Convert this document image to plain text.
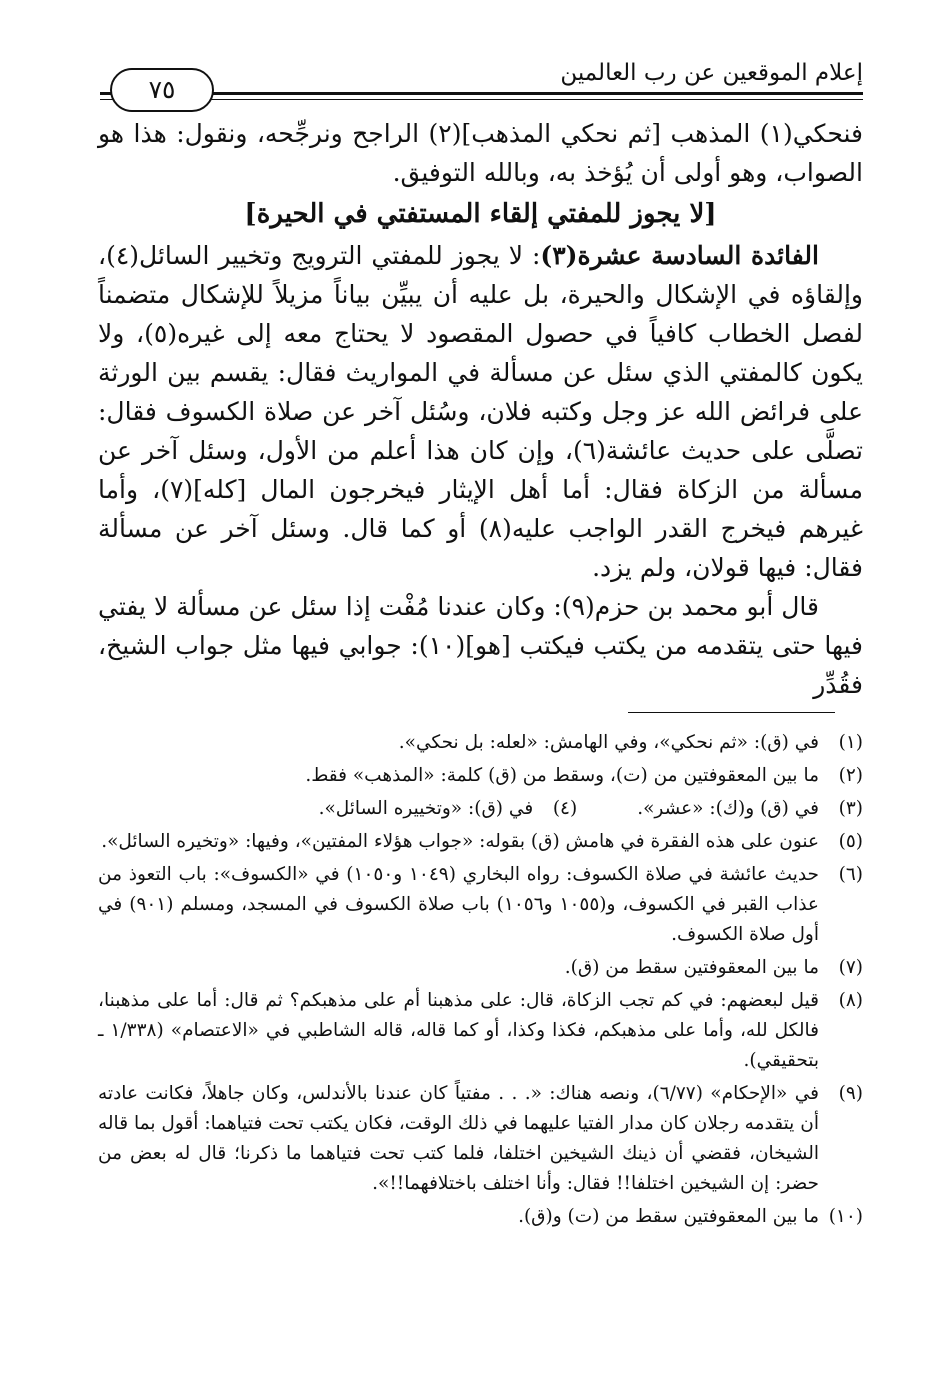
إعلام الموقعين عن رب العالمين
٧٥

فنحكي(١) المذهب [ثم نحكي المذهب](٢) الراجح ونرجِّحه، ونقول: هذا هو الصواب، وهو أولى أن يُؤخذ به، وبالله التوفيق.

[لا يجوز للمفتي إلقاء المستفتي في الحيرة]

الفائدة السادسة عشرة(٣): لا يجوز للمفتي الترويج وتخيير السائل(٤)، وإلقاؤه في الإشكال والحيرة، بل عليه أن يبيِّن بياناً مزيلاً للإشكال متضمناً لفصل الخطاب كافياً في حصول المقصود لا يحتاج معه إلى غيره(٥)، ولا يكون كالمفتي الذي سئل عن مسألة في المواريث فقال: يقسم بين الورثة على فرائض الله عز وجل وكتبه فلان، وسُئل آخر عن صلاة الكسوف فقال: تصلَّى على حديث عائشة(٦)، وإن كان هذا أعلم من الأول، وسئل آخر عن مسألة من الزكاة فقال: أما أهل الإيثار فيخرجون المال [كله](٧)، وأما غيرهم فيخرج القدر الواجب عليه(٨) أو كما قال. وسئل آخر عن مسألة فقال: فيها قولان، ولم يزد.

قال أبو محمد بن حزم(٩): وكان عندنا مُفْت إذا سئل عن مسألة لا يفتي فيها حتى يتقدمه من يكتب فيكتب [هو](١٠): جوابي فيها مثل جواب الشيخ، فقُدِّر

(١)
في (ق): «ثم نحكي»، وفي الهامش: «لعله: بل نحكي».
(٢)
ما بين المعقوفتين من (ت)، وسقط من (ق) كلمة: «المذهب» فقط.
(٣)
في (ق) و(ك): «عشر».
(٤)
في (ق): «وتخييره السائل».
(٥)
عنون على هذه الفقرة في هامش (ق) بقوله: «جواب هؤلاء المفتين»، وفيها: «وتخيره السائل».
(٦)
حديث عائشة في صلاة الكسوف: رواه البخاري (١٠٤٩ و١٠٥٠) في «الكسوف»: باب التعوذ من عذاب القبر في الكسوف، و(١٠٥٥ و١٠٥٦) باب صلاة الكسوف في المسجد، ومسلم (٩٠١) في أول صلاة الكسوف.
(٧)
ما بين المعقوفتين سقط من (ق).
(٨)
قيل لبعضهم: في كم تجب الزكاة، قال: على مذهبنا أم على مذهبكم؟ ثم قال: أما على مذهبنا، فالكل لله، وأما على مذهبكم، فكذا وكذا، أو كما قاله، قاله الشاطبي في «الاعتصام» (١/٣٣٨ ـ بتحقيقي).
(٩)
في «الإحكام» (٦/٧٧)، ونصه هناك: «. . . مفتياً كان عندنا بالأندلس، وكان جاهلاً، فكانت عادته أن يتقدمه رجلان كان مدار الفتيا عليهما في ذلك الوقت، فكان يكتب تحت فتياهما: أقول بما قاله الشيخان، فقضي أن ذينك الشيخين اختلفا، فلما كتب تحت فتياهما ما ذكرنا؛ قال له بعض من حضر: إن الشيخين اختلفا!! فقال: وأنا اختلف باختلافهما!!».
(١٠)
ما بين المعقوفتين سقط من (ت) و(ق).
